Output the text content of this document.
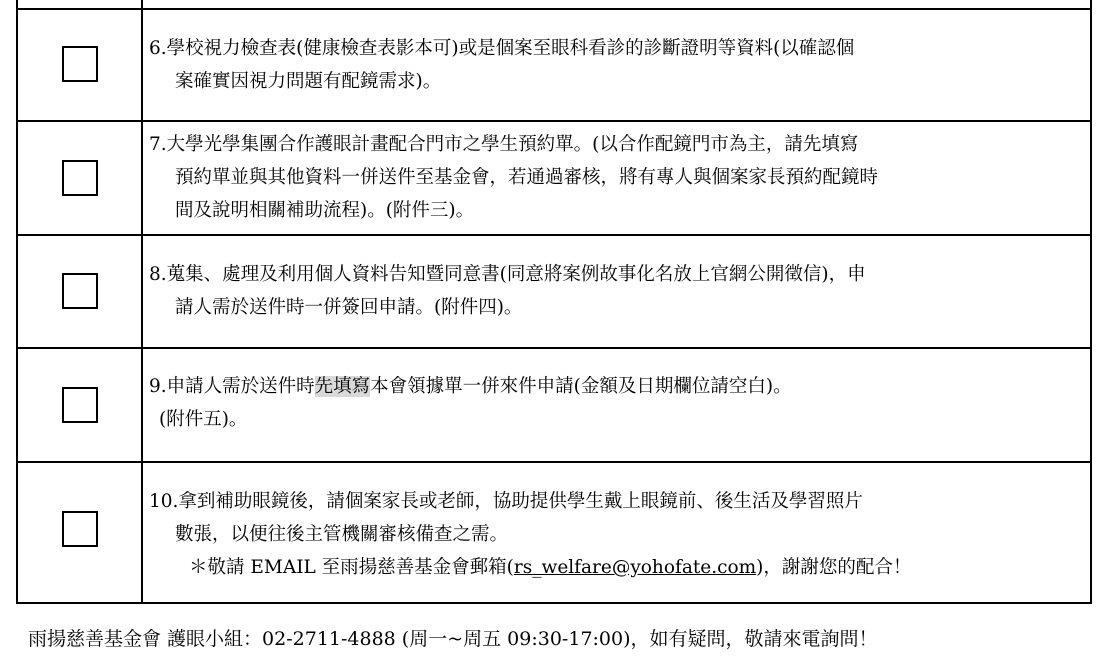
6.學校視力檢查表(健康檢查表影本可)或是個案至眼科看診的診斷證明等資料(以確認個
案確實因視力問題有配鏡需求)。
7.大學光學集團合作護眼計畫配合門市之學生預約單。(以合作配鏡門市為主，請先填寫
預約單並與其他資料一併送件至基金會，若通過審核，將有專人與個案家長預約配鏡時
間及說明相關補助流程)。(附件三)。
8.蒐集、處理及利用個人資料告知暨同意書(同意將案例故事化名放上官網公開徵信)，申
請人需於送件時一併簽回申請。(附件四)。
9.申請人需於送件時先填寫本會領據單一併來件申請(金額及日期欄位請空白)。
(附件五)。
10.拿到補助眼鏡後，請個案家長或老師，協助提供學生戴上眼鏡前、後生活及學習照片
數張，以便往後主管機關審核備查之需。
＊敬請 EMAIL 至雨揚慈善基金會郵箱(rs_welfare@yohofate.com)，謝謝您的配合！
雨揚慈善基金會 護眼小組：02-2711-4888 (周一~周五 09:30-17:00)，如有疑問，敬請來電詢問！
